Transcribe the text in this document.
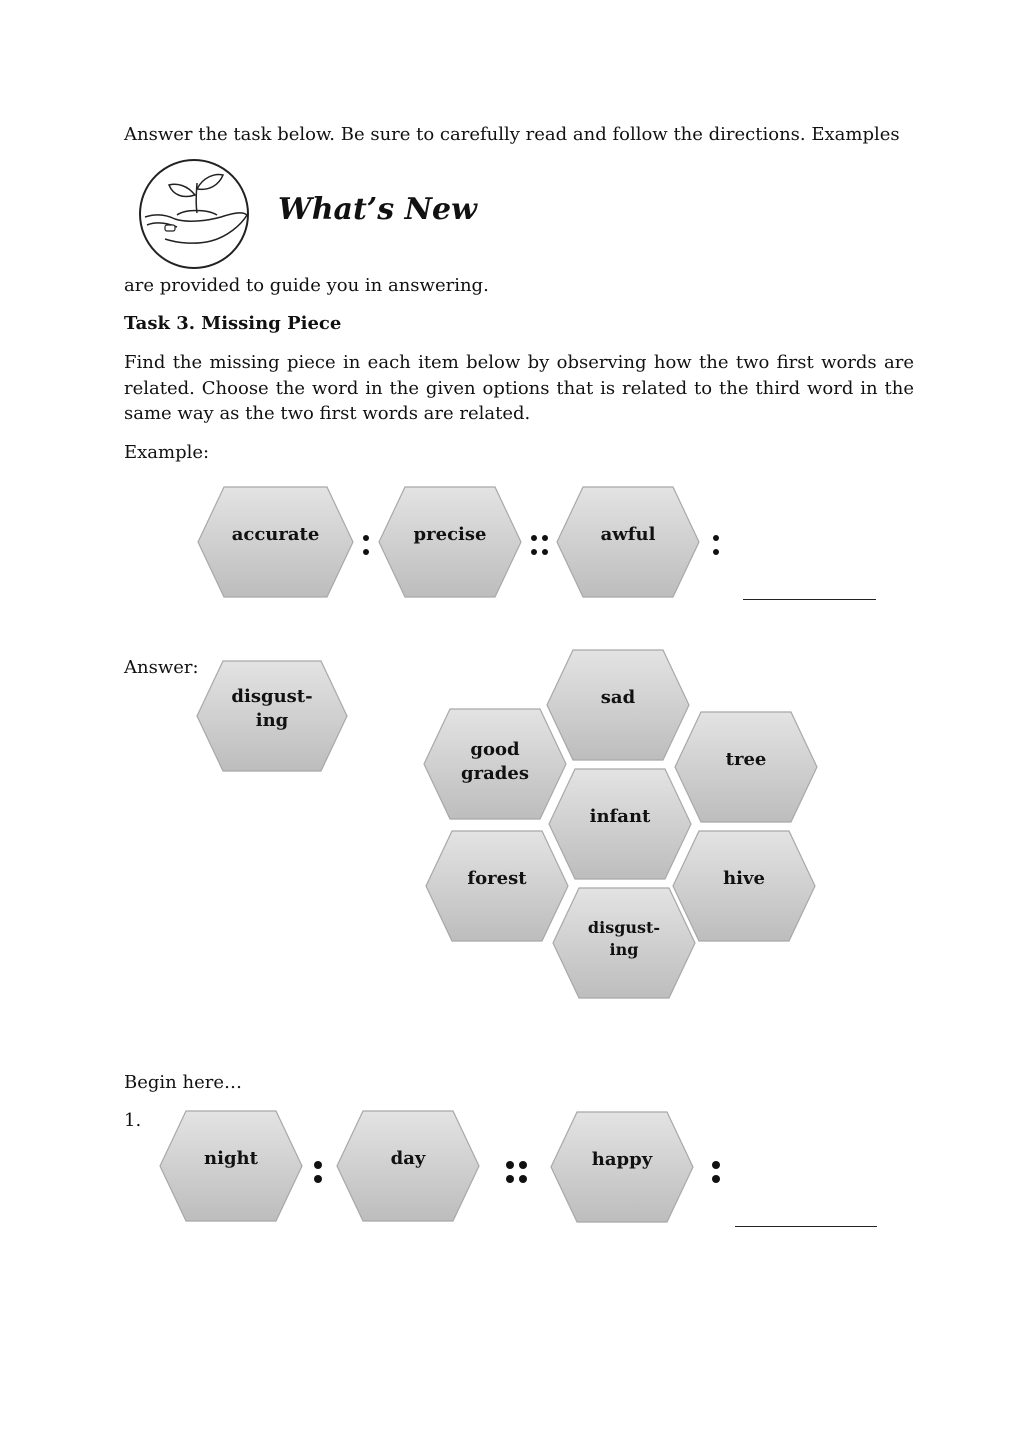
Answer the task below. Be sure to carefully read and follow the directions. Examples
What’s New
are provided to guide you in answering.
Task 3. Missing Piece
Find the missing piece in each item below by observing how the two first words are related. Choose the word in the given options that is related to the third word in the same way as the two first words are related.
Example:
accurate	precise	awful
Answer:
disgust-
ing
sad
good
grades
tree
infant
forest	hive
disgust-
ing
Begin here…
1.
night	day	happy
